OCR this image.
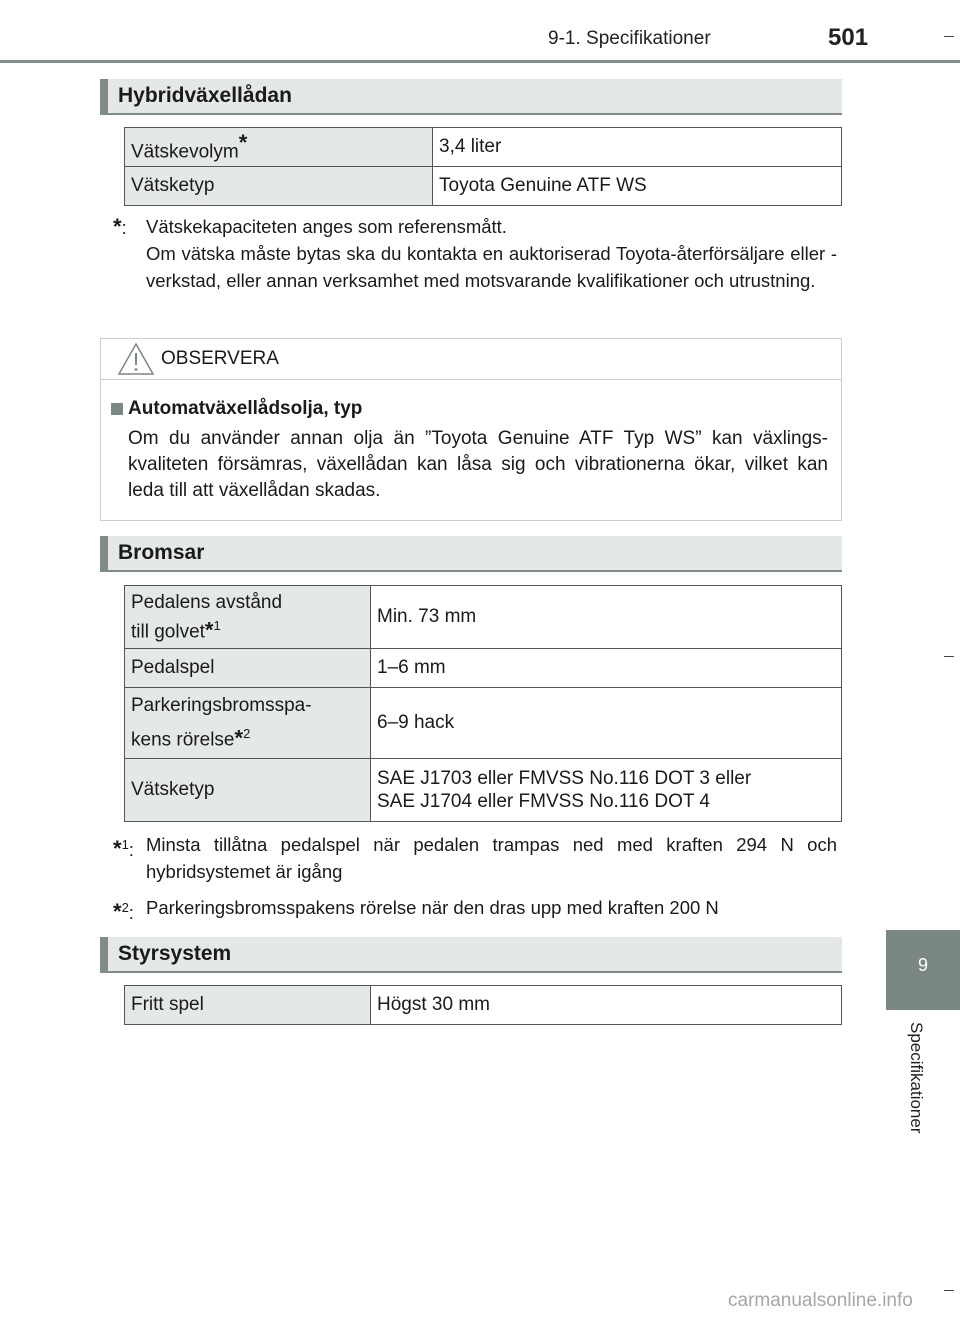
9-1. Specifikationer	501
9
Specifikationer
Hybridväxellådan
Vätskevolym*	3,4 liter
Vätsketyp	Toyota Genuine ATF WS
*: Vätskekapaciteten anges som referensmått.
Om vätska måste bytas ska du kontakta en auktoriserad Toyota-återförsäljare eller -verkstad, eller annan verksamhet med motsvarande kvalifikationer och utrustning.
OBSERVERA
Automatväxellådsolja, typ
Om du använder annan olja än ”Toyota Genuine ATF Typ WS” kan växlingskvaliteten försämras, växellådan kan låsa sig och vibrationerna ökar, vilket kan leda till att växellådan skadas.
Bromsar
Pedalens avstånd
till golvet*$^1$	Min. 73 mm
Pedalspel	1–6 mm

Parkeringsbromsspa-
kens rörelse*$^2$	6–9 hack
Vätsketyp	SAE J1703 eller FMVSS No.116 DOT 3 eller
SAE J1704 eller FMVSS No.116 DOT 4
*$^1$: Minsta tillåtna pedalspel när pedalen trampas ned med kraften 294 N och hybridsystemet är igång
*$^2$: Parkeringsbromsspakens rörelse när den dras upp med kraften 200 N
Styrsystem
Fritt spel	Högst 30 mm
carmanualsonline.info
